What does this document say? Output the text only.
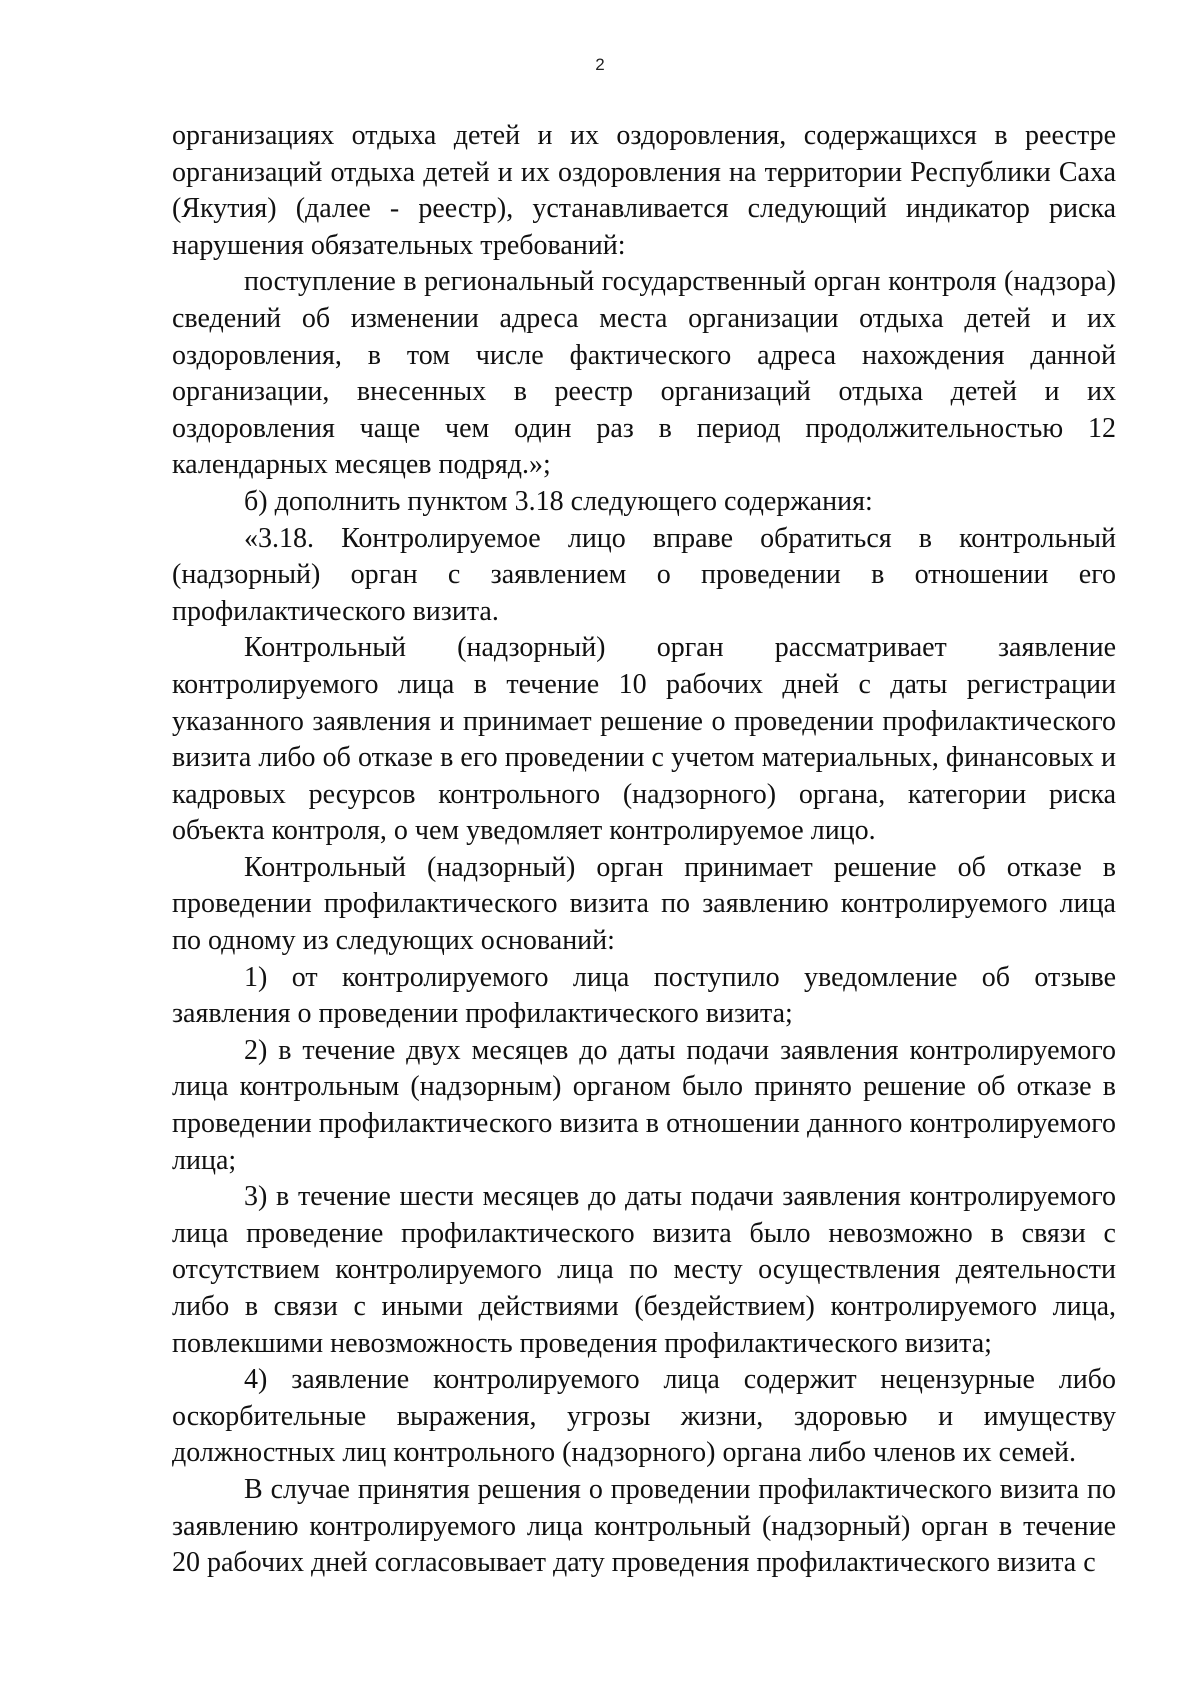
2

организациях отдыха детей и их оздоровления, содержащихся в реестре организаций отдыха детей и их оздоровления на территории Республики Саха (Якутия) (далее - реестр), устанавливается следующий индикатор риска нарушения обязательных требований:

поступление в региональный государственный орган контроля (надзора) сведений об изменении адреса места организации отдыха детей и их оздоровления, в том числе фактического адреса нахождения данной организации, внесенных в реестр организаций отдыха детей и их оздоровления чаще чем один раз в период продолжительностью 12 календарных месяцев подряд.»;

б) дополнить пунктом 3.18 следующего содержания:

«3.18. Контролируемое лицо вправе обратиться в контрольный (надзорный) орган с заявлением о проведении в отношении его профилактического визита.

Контрольный (надзорный) орган рассматривает заявление контролируемого лица в течение 10 рабочих дней с даты регистрации указанного заявления и принимает решение о проведении профилактического визита либо об отказе в его проведении с учетом материальных, финансовых и кадровых ресурсов контрольного (надзорного) органа, категории риска объекта контроля, о чем уведомляет контролируемое лицо.

Контрольный (надзорный) орган принимает решение об отказе в проведении профилактического визита по заявлению контролируемого лица по одному из следующих оснований:

1) от контролируемого лица поступило уведомление об отзыве заявления о проведении профилактического визита;

2) в течение двух месяцев до даты подачи заявления контролируемого лица контрольным (надзорным) органом было принято решение об отказе в проведении профилактического визита в отношении данного контролируемого лица;

3) в течение шести месяцев до даты подачи заявления контролируемого лица проведение профилактического визита было невозможно в связи с отсутствием контролируемого лица по месту осуществления деятельности либо в связи с иными действиями (бездействием) контролируемого лица, повлекшими невозможность проведения профилактического визита;

4) заявление контролируемого лица содержит нецензурные либо оскорбительные выражения, угрозы жизни, здоровью и имуществу должностных лиц контрольного (надзорного) органа либо членов их семей.

В случае принятия решения о проведении профилактического визита по заявлению контролируемого лица контрольный (надзорный) орган в течение 20 рабочих дней согласовывает дату проведения профилактического визита с
